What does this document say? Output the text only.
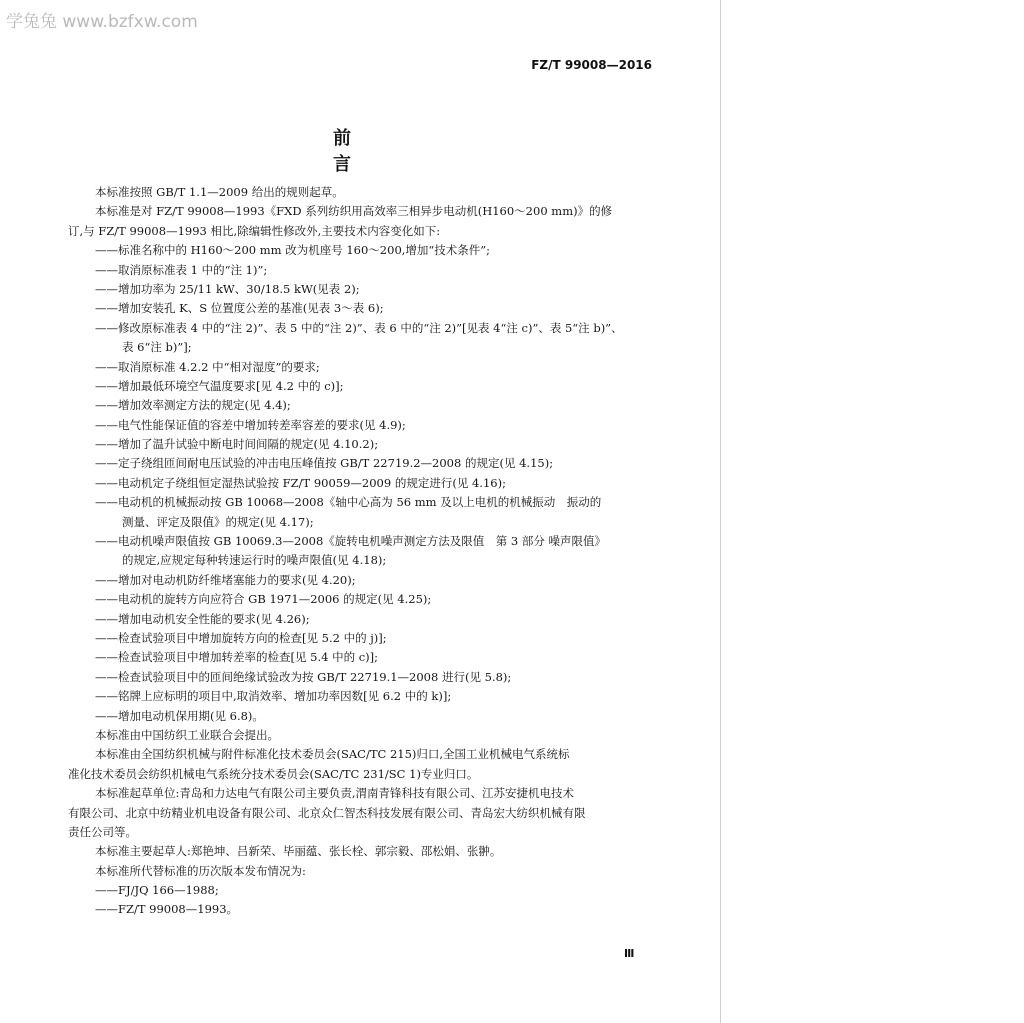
学兔兔 www.bzfxw.com
FZ/T 99008—2016
前 言
本标准按照 GB/T 1.1—2009 给出的规则起草。
本标准是对 FZ/T 99008—1993《FXD 系列纺织用高效率三相异步电动机(H160～200 mm)》的修
订,与 FZ/T 99008—1993 相比,除编辑性修改外,主要技术内容变化如下:
——标准名称中的 H160～200 mm 改为机座号 160～200,增加“技术条件”;
——取消原标准表 1 中的“注 1)”;
——增加功率为 25/11 kW、30/18.5 kW(见表 2);
——增加安装孔 K、S 位置度公差的基准(见表 3～表 6);
——修改原标准表 4 中的“注 2)”、表 5 中的“注 2)”、表 6 中的“注 2)”[见表 4“注 c)”、表 5“注 b)”、
表 6“注 b)”];
——取消原标准 4.2.2 中“相对湿度”的要求;
——增加最低环境空气温度要求[见 4.2 中的 c)];
——增加效率测定方法的规定(见 4.4);
——电气性能保证值的容差中增加转差率容差的要求(见 4.9);
——增加了温升试验中断电时间间隔的规定(见 4.10.2);
——定子绕组匝间耐电压试验的冲击电压峰值按 GB/T 22719.2—2008 的规定(见 4.15);
——电动机定子绕组恒定湿热试验按 FZ/T 90059—2009 的规定进行(见 4.16);
——电动机的机械振动按 GB 10068—2008《轴中心高为 56 mm 及以上电机的机械振动　振动的
测量、评定及限值》的规定(见 4.17);
——电动机噪声限值按 GB 10069.3—2008《旋转电机噪声测定方法及限值　第 3 部分 噪声限值》
的规定,应规定每种转速运行时的噪声限值(见 4.18);
——增加对电动机防纤维堵塞能力的要求(见 4.20);
——电动机的旋转方向应符合 GB 1971—2006 的规定(见 4.25);
——增加电动机安全性能的要求(见 4.26);
——检查试验项目中增加旋转方向的检查[见 5.2 中的 j)];
——检查试验项目中增加转差率的检查[见 5.4 中的 c)];
——检查试验项目中的匝间绝缘试验改为按 GB/T 22719.1—2008 进行(见 5.8);
——铭牌上应标明的项目中,取消效率、增加功率因数[见 6.2 中的 k)];
——增加电动机保用期(见 6.8)。
本标准由中国纺织工业联合会提出。
本标准由全国纺织机械与附件标准化技术委员会(SAC/TC 215)归口,全国工业机械电气系统标
准化技术委员会纺织机械电气系统分技术委员会(SAC/TC 231/SC 1)专业归口。
本标准起草单位:青岛和力达电气有限公司主要负责,渭南青锋科技有限公司、江苏安捷机电技术
有限公司、北京中纺精业机电设备有限公司、北京众仁智杰科技发展有限公司、青岛宏大纺织机械有限
责任公司等。
本标准主要起草人:郑艳坤、吕新荣、毕丽蕴、张长栓、郭宗毅、邵松娟、张翀。
本标准所代替标准的历次版本发布情况为:
——FJ/JQ 166—1988;
——FZ/T 99008—1993。
Ⅲ
